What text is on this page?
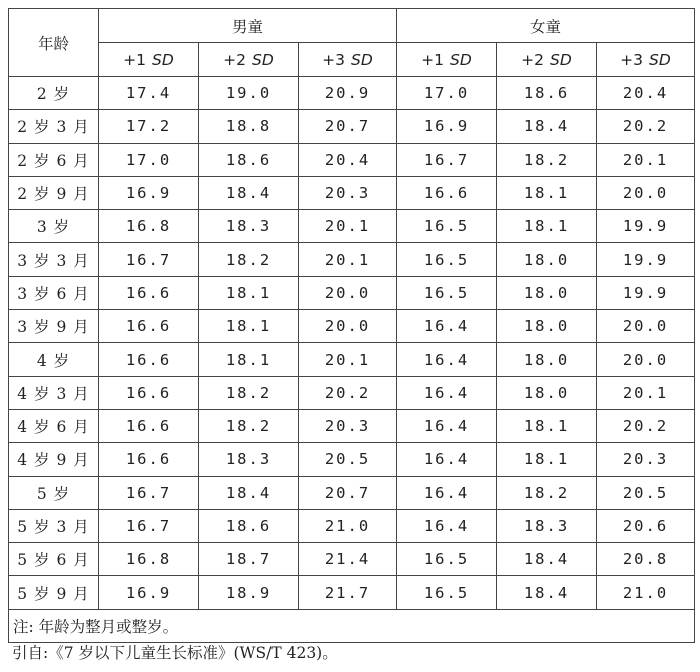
年龄	男童			女童		
	+1 SD	+2 SD	+3 SD	+1 SD	+2 SD	+3 SD
2 岁	17.4	19.0	20.9	17.0	18.6	20.4
2 岁 3 月	17.2	18.8	20.7	16.9	18.4	20.2
2 岁 6 月	17.0	18.6	20.4	16.7	18.2	20.1
2 岁 9 月	16.9	18.4	20.3	16.6	18.1	20.0
3 岁	16.8	18.3	20.1	16.5	18.1	19.9
3 岁 3 月	16.7	18.2	20.1	16.5	18.0	19.9
3 岁 6 月	16.6	18.1	20.0	16.5	18.0	19.9
3 岁 9 月	16.6	18.1	20.0	16.4	18.0	20.0
4 岁	16.6	18.1	20.1	16.4	18.0	20.0
4 岁 3 月	16.6	18.2	20.2	16.4	18.0	20.1
4 岁 6 月	16.6	18.2	20.3	16.4	18.1	20.2
4 岁 9 月	16.6	18.3	20.5	16.4	18.1	20.3
5 岁	16.7	18.4	20.7	16.4	18.2	20.5
5 岁 3 月	16.7	18.6	21.0	16.4	18.3	20.6
5 岁 6 月	16.8	18.7	21.4	16.5	18.4	20.8
5 岁 9 月	16.9	18.9	21.7	16.5	18.4	21.0
注: 年龄为整月或整岁。						
引自:《7 岁以下儿童生长标准》(WS/T 423)。
